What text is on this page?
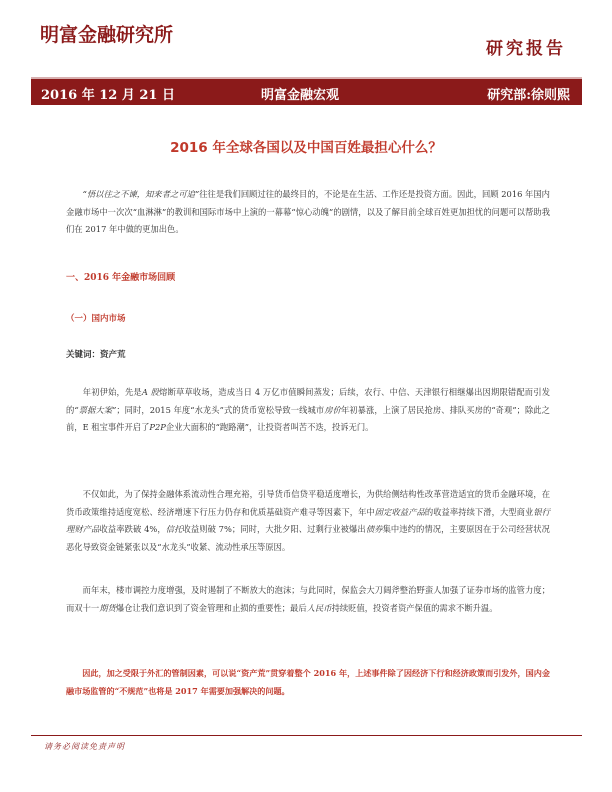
明富金融研究所
研究报告
2016 年 12 月 21 日	明富金融宏观	研究部:徐则熙
2016 年全球各国以及中国百姓最担心什么？
  “悟以往之不谏，知来者之可追”往往是我们回顾过往的最终目的，不论是在生活、工作还是投资方面。因此，回顾 2016 年国内金融市场中一次次“血淋淋”的教训和国际市场中上演的一幕幕“惊心动魄”的剧情，以及了解目前全球百姓更加担忧的问题可以帮助我们在 2017 年中做的更加出色。
一、2016 年金融市场回顾
（一）国内市场
关键词：资产荒
  年初伊始，先是A 股熔断草草收场，造成当日 4 万亿市值瞬间蒸发；后续，农行、中信、天津银行相继爆出因期限错配而引发的“票据大案”；同时，2015 年度“水龙头”式的货币宽松导致一线城市房价年初暴涨，上演了居民抢房、排队买房的“奇观”；除此之前，E 租宝事件开启了P2P企业大面积的“跑路潮”，让投资者叫苦不迭，投诉无门。
  不仅如此，为了保持金融体系流动性合理充裕，引导货币信贷平稳适度增长，为供给侧结构性改革营造适宜的货币金融环境，在货币政策维持适度宽松、经济增速下行压力仍存和优质基础资产难寻等因素下，年中固定收益产品的收益率持续下滑，大型商业银行理财产品收益率跌破 4%，信托收益则破 7%；同时，大批夕阳、过剩行业被爆出债券集中违约的情况，主要原因在于公司经营状况恶化导致资金链紧张以及“水龙头”收紧、流动性承压等原因。
  而年末，楼市调控力度增强，及时遏制了不断放大的泡沫；与此同时，保监会大刀阔斧整治野蛮人加强了证券市场的监管力度；而双十一期货爆仓让我们意识到了资金管理和止损的重要性；最后人民币持续贬值，投资者资产保值的需求不断升温。
  因此，加之受限于外汇的管制因素，可以说“资产荒”贯穿着整个 2016 年，上述事件除了因经济下行和经济政策而引发外，国内金融市场监管的“不规范”也将是 2017 年需要加强解决的问题。
请务必阅读免责声明
